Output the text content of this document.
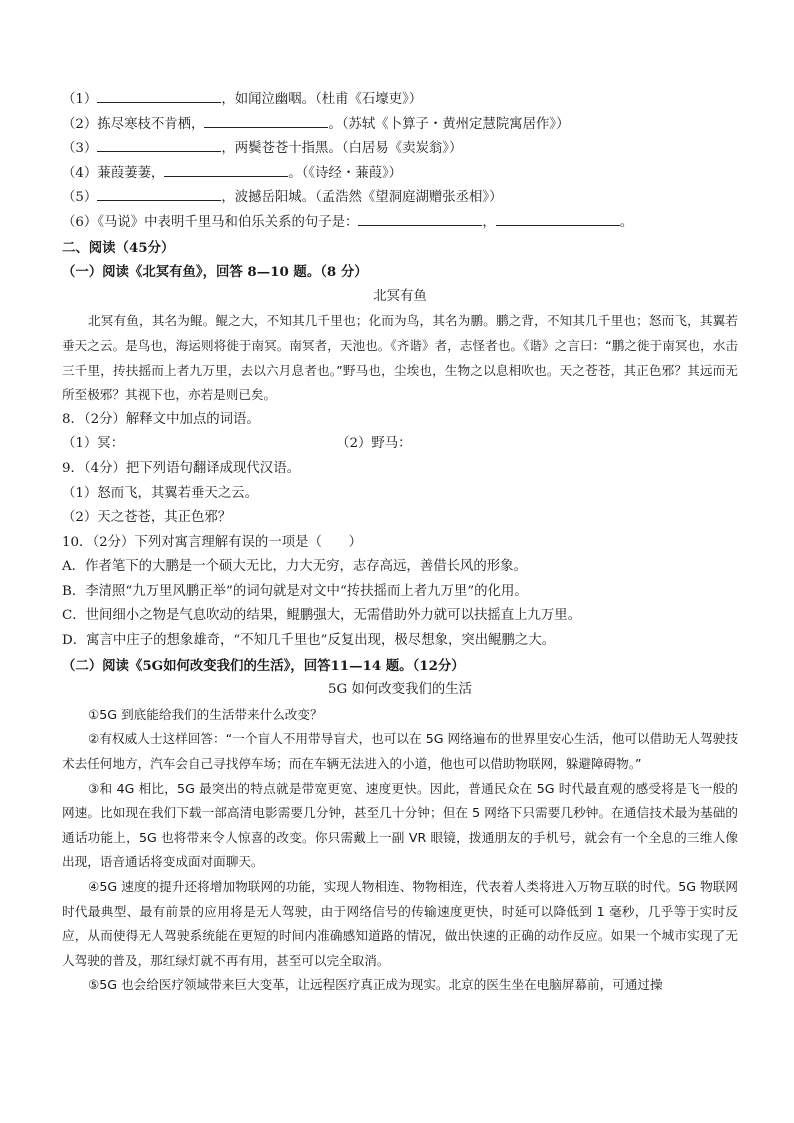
（1）	，如闻泣幽咽。（杜甫《石壕吏》）
（2）拣尽寒枝不肯栖，	。（苏轼《卜算子・黄州定慧院寓居作》）
（3）	，两鬓苍苍十指黑。（白居易《卖炭翁》）
（4）蒹葭萋萋，	。（《诗经・蒹葭》）
（5）	，波撼岳阳城。（孟浩然《望洞庭湖赠张丞相》）
（6）《马说》中表明千里马和伯乐关系的句子是：	，	。
二、阅读（45分）
（一）阅读《北冥有鱼》，回答 8—10 题。（8 分）
北冥有鱼
北冥有鱼，其名为鲲。鲲之大，不知其几千里也；化而为鸟，其名为鹏。鹏之背，不知其几千里也；怒而飞，其翼若垂天之云。是鸟也，海运则将徙于南冥。南冥者，天池也。《齐谐》者，志怪者也。《谐》之言曰：“鹏之徙于南冥也，水击三千里，抟扶摇而上者九万里，去以六月息者也。”野马也，尘埃也，生物之以息相吹也。天之苍苍，其正色邪？其远而无所至极邪？其视下也，亦若是则已矣。
8．（2分）解释文中加点的词语。
（1）冥：	（2）野马：
9．（4分）把下列语句翻译成现代汉语。
（1）怒而飞，其翼若垂天之云。
（2）天之苍苍，其正色邪？
10．（2分）下列对寓言理解有误的一项是（　　）
A．作者笔下的大鹏是一个硕大无比，力大无穷，志存高远，善借长风的形象。
B．李清照“九万里风鹏正举”的词句就是对文中“抟扶摇而上者九万里”的化用。
C．世间细小之物是气息吹动的结果，鲲鹏强大，无需借助外力就可以扶摇直上九万里。
D．寓言中庄子的想象雄奇，“不知几千里也”反复出现，极尽想象，突出鲲鹏之大。
（二）阅读《5G如何改变我们的生活》，回答11—14 题。（12分）
5G 如何改变我们的生活
①5G 到底能给我们的生活带来什么改变？
②有权威人士这样回答：“一个盲人不用带导盲犬，也可以在 5G 网络遍布的世界里安心生活，他可以借助无人驾驶技术去任何地方，汽车会自己寻找停车场；而在车辆无法进入的小道，他也可以借助物联网，躲避障碍物。”
③和 4G 相比，5G 最突出的特点就是带宽更宽、速度更快。因此，普通民众在 5G 时代最直观的感受将是飞一般的网速。比如现在我们下载一部高清电影需要几分钟，甚至几十分钟；但在 5 网络下只需要几秒钟。在通信技术最为基础的通话功能上，5G 也将带来令人惊喜的改变。你只需戴上一副 VR 眼镜，拨通朋友的手机号，就会有一个全息的三维人像出现，语音通话将变成面对面聊天。
④5G 速度的提升还将增加物联网的功能，实现人物相连、物物相连，代表着人类将进入万物互联的时代。5G 物联网时代最典型、最有前景的应用将是无人驾驶，由于网络信号的传输速度更快，时延可以降低到 1 毫秒，几乎等于实时反应，从而使得无人驾驶系统能在更短的时间内准确感知道路的情况，做出快速的正确的动作反应。如果一个城市实现了无人驾驶的普及，那红绿灯就不再有用，甚至可以完全取消。
⑤5G 也会给医疗领域带来巨大变革，让远程医疗真正成为现实。北京的医生坐在电脑屏幕前，可通过操
